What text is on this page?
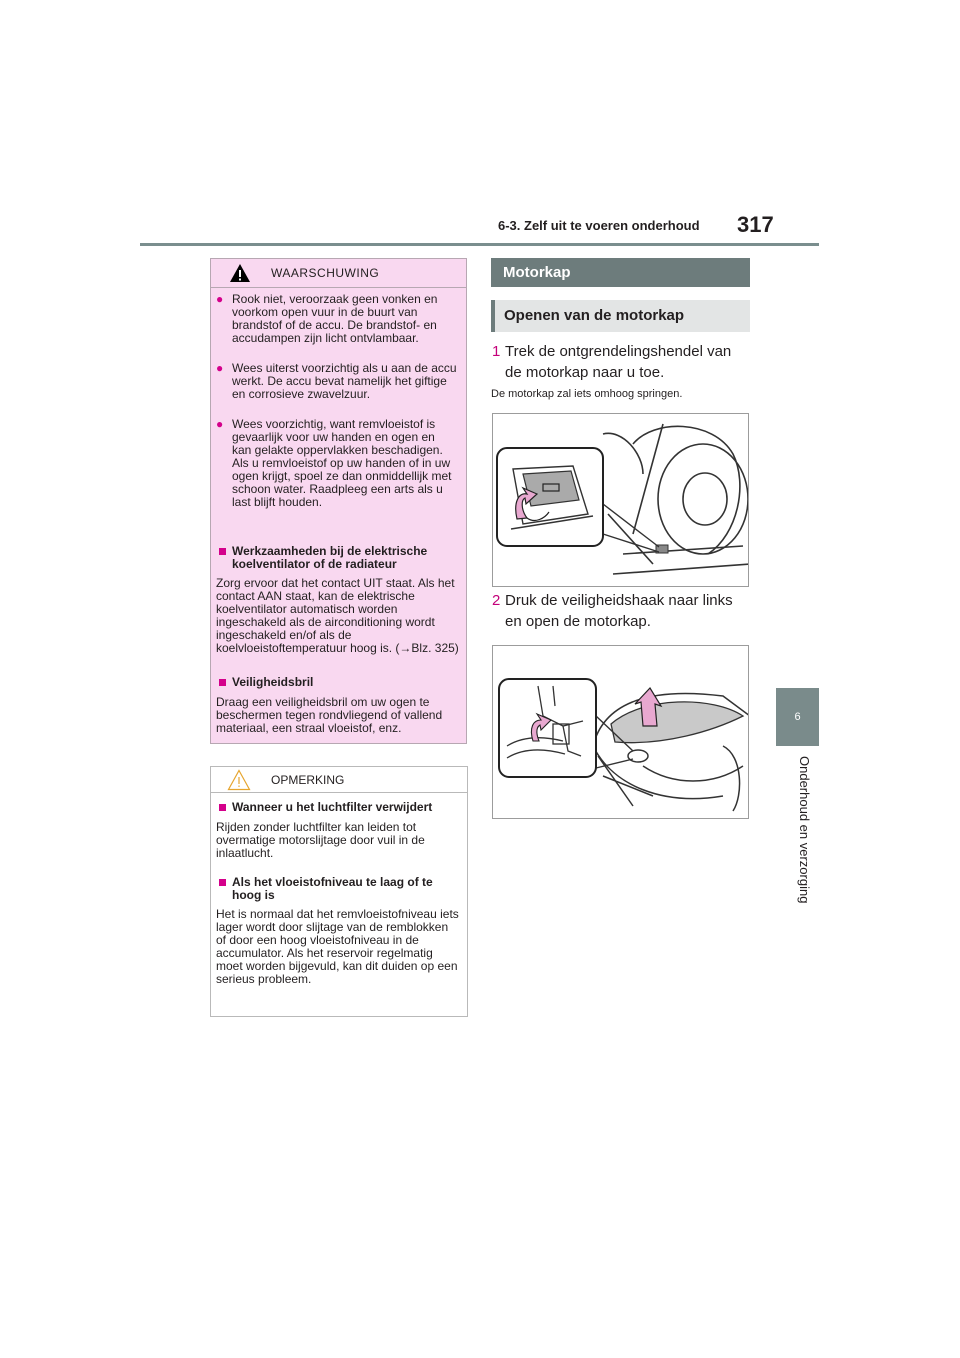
6-3. Zelf uit te voeren onderhoud 317
6
Onderhoud en verzorging
WAARSCHUWING
● Rook niet, veroorzaak geen vonken en voorkom open vuur in de buurt van brandstof of de accu. De brandstof- en accudampen zijn licht ontvlambaar.
● Wees uiterst voorzichtig als u aan de accu werkt. De accu bevat namelijk het giftige en corrosieve zwavelzuur.
● Wees voorzichtig, want remvloeistof is gevaarlijk voor uw handen en ogen en kan gelakte oppervlakken beschadigen. Als u remvloeistof op uw handen of in uw ogen krijgt, spoel ze dan onmiddellijk met schoon water. Raadpleeg een arts als u last blijft houden.
Werkzaamheden bij de elektrische koelventilator of de radiateur
Zorg ervoor dat het contact UIT staat. Als het contact AAN staat, kan de elektrische koelventilator automatisch worden ingeschakeld als de airconditioning wordt ingeschakeld en/of als de koelvloeistoftemperatuur hoog is. (→Blz. 325)
Veiligheidsbril
Draag een veiligheidsbril om uw ogen te beschermen tegen rondvliegend of vallend materiaal, een straal vloeistof, enz.
OPMERKING
Wanneer u het luchtfilter verwijdert
Rijden zonder luchtfilter kan leiden tot overmatige motorslijtage door vuil in de inlaatlucht.
Als het vloeistofniveau te laag of te hoog is
Het is normaal dat het remvloeistofniveau iets lager wordt door slijtage van de remblokken of door een hoog vloeistofniveau in de accumulator. Als het reservoir regelmatig moet worden bijgevuld, kan dit duiden op een serieus probleem.
Motorkap
Openen van de motorkap
1 Trek de ontgrendelingshendel van de motorkap naar u toe.
De motorkap zal iets omhoog springen.
2 Druk de veiligheidshaak naar links en open de motorkap.
